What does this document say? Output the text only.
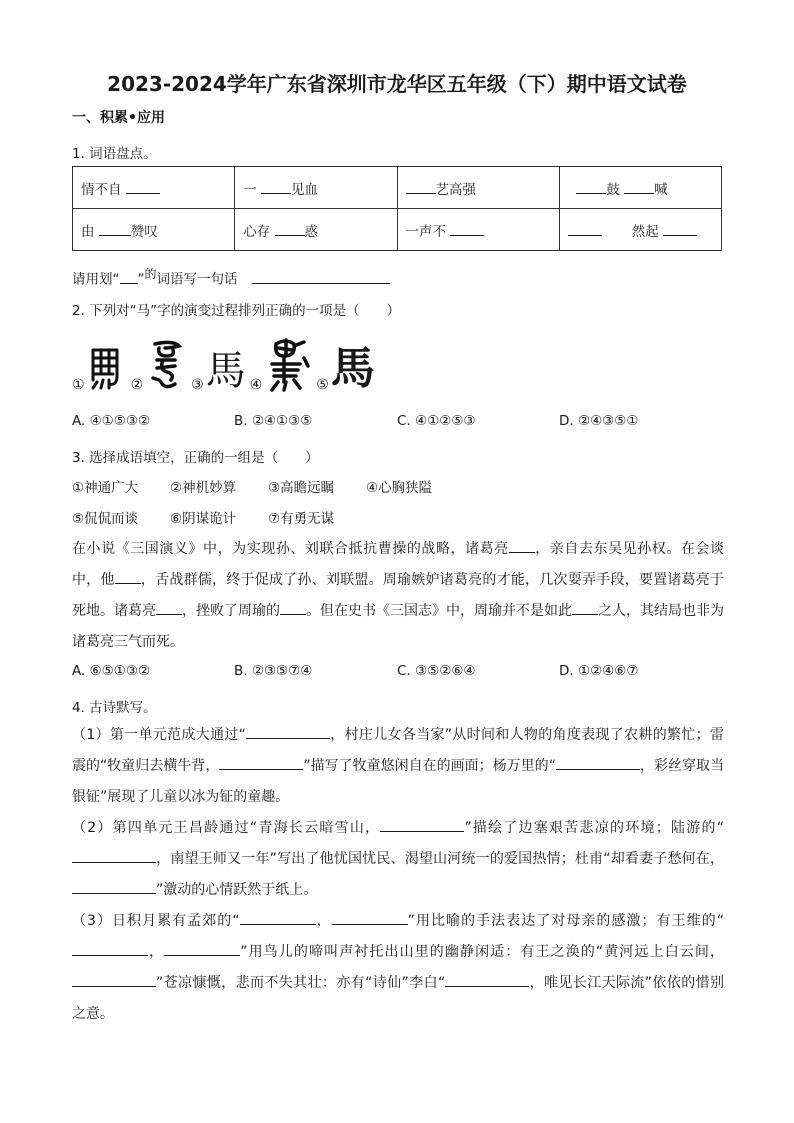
2023-2024学年广东省深圳市龙华区五年级（下）期中语文试卷
一、积累•应用

1. 词语盘点。

情不自	一 见血	艺高强	鼓 喊
由 赞叹	心存 惑	一声不	然起

请用划“ ”$^的$词语写一句话

2. 下列对“马”字的演变过程排列正确的一项是（　　）

①	②	③ 馬 ④	⑤ 馬
A. ④①⑤③②	B. ②④①③⑤	C. ④①②⑤③	D. ②④③⑤①

3. 选择成语填空，正确的一组是（　　）

①神通广大 ②神机妙算 ③高瞻远瞩 ④心胸狭隘
⑤侃侃而谈 ⑥阴谋诡计 ⑦有勇无谋

在小说《三国演义》中，为实现孙、刘联合抵抗曹操的战略，诸葛亮 ，亲自去东吴见孙权。在会谈中，他 ，舌战群儒，终于促成了孙、刘联盟。周瑜嫉妒诸葛亮的才能，几次耍弄手段，要置诸葛亮于死地。诸葛亮 ，挫败了周瑜的 。但在史书《三国志》中，周瑜并不是如此 之人，其结局也非为诸葛亮三气而死。

A. ⑥⑤①③②	B. ②③⑤⑦④	C. ③⑤②⑥④	D. ①②④⑥⑦

4. 古诗默写。

（1）第一单元范成大通过“	，村庄儿女各当家”从时间和人物的角度表现了农耕的繁忙；雷震的“牧童归去横牛背，	”描写了牧童悠闲自在的画面；杨万里的“	，彩丝穿取当银钲”展现了儿童以冰为钲的童趣。

（2）第四单元王昌龄通过“青海长云暗雪山，	”描绘了边塞艰苦悲凉的环境；陆游的“，南望王师又一年”写出了他忧国忧民、渴望山河统一的爱国热情；杜甫“却看妻子愁何在，”激动的心情跃然于纸上。

（3）日积月累有孟郊的“	，	”用比喻的手法表达了对母亲的感激；有王维的“，	”用鸟儿的啼叫声衬托出山里的幽静闲适：有王之涣的“黄河远上白云间，”苍凉慷慨，悲而不失其壮：亦有“诗仙”李白“	，唯见长江天际流”依依的惜别之意。
